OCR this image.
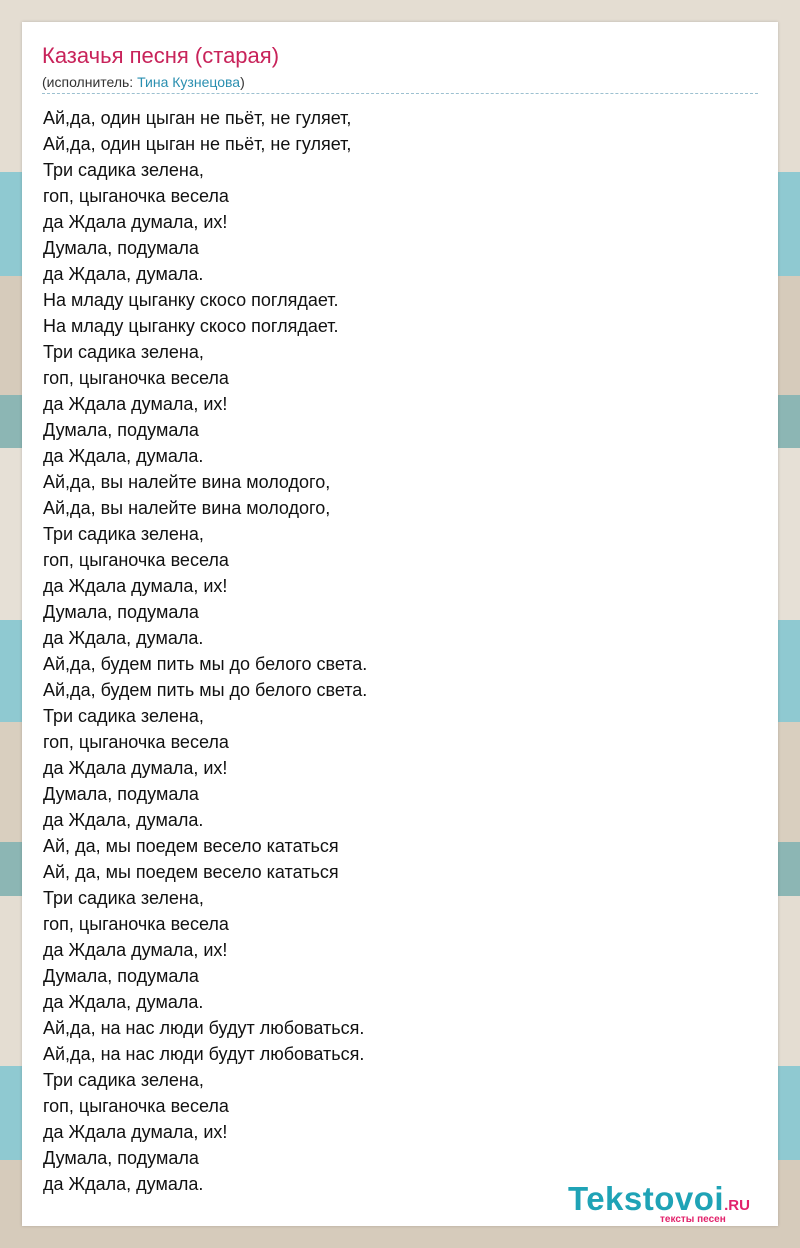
Казачья песня (старая)
(исполнитель: Тина Кузнецова)
Ай,да, один цыган не пьёт, не гуляет,
Ай,да, один цыган не пьёт, не гуляет,
Три садика зелена,
гоп, цыганочка весела
да Ждала думала, их!
Думала, подумала
да Ждала, думала.
На младу цыганку скосо поглядает.
На младу цыганку скосо поглядает.
Три садика зелена,
гоп, цыганочка весела
да Ждала думала, их!
Думала, подумала
да Ждала, думала.
Ай,да, вы налейте вина молодого,
Ай,да, вы налейте вина молодого,
Три садика зелена,
гоп, цыганочка весела
да Ждала думала, их!
Думала, подумала
да Ждала, думала.
Ай,да, будем пить мы до белого света.
Ай,да, будем пить мы до белого света.
Три садика зелена,
гоп, цыганочка весела
да Ждала думала, их!
Думала, подумала
да Ждала, думала.
Ай, да, мы поедем весело кататься
Ай, да, мы поедем весело кататься
Три садика зелена,
гоп, цыганочка весела
да Ждала думала, их!
Думала, подумала
да Ждала, думала.
Ай,да, на нас люди будут любоваться.
Ай,да, на нас люди будут любоваться.
Три садика зелена,
гоп, цыганочка весела
да Ждала думала, их!
Думала, подумала
да Ждала, думала.	Tekstovoi.RU
тексты песен
